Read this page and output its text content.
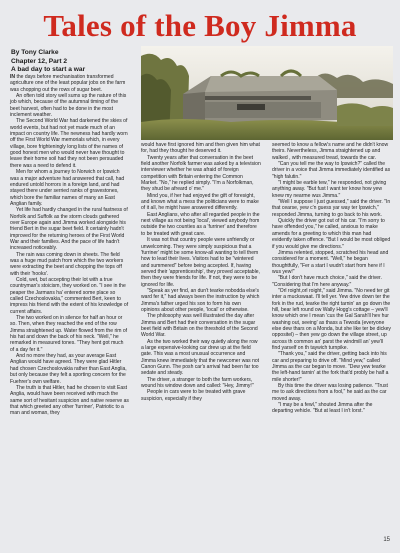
Tales of the Boy Jimma
By Tony Clarke
Chapter 12, Part 2
A bad day to start a war

IN the days before mechanisation transformed agriculture one of the least popular jobs on the farm was chopping out the rows of sugar beet.

An often told story well sums up the nature of this job which, because of the autumnal timing of the beet harvest, often had to be done in the most inclement weather.

The Second World War had darkened the skies of world events, but had not yet made much of an impact on country life. The newness had hardly worn off the First World War memorials which, in every village, bore frighteningly long lists of the names of good honest men who would never have thought to leave their home soil had they not been persuaded there was a need to defend it.

Men for whom a journey to Norwich or Ipswich was a major adventure had answered that call, had endured untold horrors in a foreign land, and had stayed there under serried ranks of gravestones, which bore the familiar names of many an East Anglian family.

Yet life had hardly changed in the rural fastness of Norfolk and Suffolk as the storm clouds gathered over Europe again and Jimma worked alongside his friend Bert in the sugar beet field. It certainly hadn't improved for the returning heroes of the First World War and their families. And the pace of life hadn't increased noticeably.

The rain was coming down in sheets. The field was a huge mud patch from which the two workers were extracting the beet and chopping the tops off with their 'hooks'.

Cold, wet, but accepting their lot with a true countryman's stoicism, they worked on. "I see in the peaper the Jarmans ha' entered some place so called Czechoslovakia," commented Bert, keen to impress his friend with the extent of his knowledge of current affairs.

The two worked on in silence for half an hour or so. Then, when they reached the end of the row Jimma straightened up. Water flowed from the rim of his hat and down the back of his neck. "Well," he remarked in measured tones. "They hent got much of a day fer it."

And no more they had, as your average East Anglian would have agreed. They were glad Hitler had chosen Czechoslovakia rather than East Anglia, but only because they felt a sporting concern for the Fuehrer's own welfare.

The truth is that Hitler, had he chosen to visit East Anglia, would have been received with much the same sort of hesitant suspicion and native reserve as that which greeted any other 'furriner', Patriotic to a man and woman, they

would have first ignored him and then given him what for, had they thought he deserved it.

Twenty years after that conversation in the beet field another Norfolk farmer was asked by a television interviewer whether he was afraid of foreign competition with Britain entering the Common Market. "No," he replied simply. "I'm a Norfolkman, they shud be afreard o' me."

Mind you, if her had enjoyed the gift of foresight, and known what a mess the politicians were to make of it all, he might have answered differently.

East Anglians, who after all regarded people in the next village as not being 'local', viewed anybody from outside the two counties as a 'furriner' and therefore to be treated with great care.

It was not that country people were unfriendly or unwelcoming. They were simply suspicious that a 'furriner' might be some know-all wanting to tell them how to lead their lives. Visitors had to be "wintered and summered" before being accepted. If, having served their 'apprenticeship', they proved acceptable, then they were friends for life. If not, they were to be ignored for life.

"Speak as yer find, an dun't tearke nobodda else's ward fer it," had always been the instruction by which Jimma's father urged his son to form his own opinions about other people, 'local' or otherwise.

The philosophy was well illustrated the day after Jimma and Bert had their conversation in the sugar beet field with Britain on the threshold of the Second World War.

As the two worked their way quietly along the row a large expensive-looking car drew up at the field gate. This was a most unusual occurrence and Jimma knew immediately that the newcomer was not Canon Gunn. The posh car's arrival had been far too sedate and steady.

The driver, a stranger to both the farm workers, wound his window down and called: "Hey, Jimmy!"

People in cars were to be treated with grave suspicion, especially if they

seemed to know a fellow's name and he didn't know theirs. Nevertheless, Jimma straightened up and walked , with measured tread, towards the car.

"Can you tell me the way to Ipswich?" called the driver in a voice that Jimma immediately identified as "high falutin."

"I might be earble tew," he responded, not giving anything away. "But fust I want ter know how yew knew my nearme wus Jimma."

"Well I suppose I just guessed," said the driver. "In that cearse, yew c'n guess yar way ter Ipswich," responded Jimma, turning to go back to his work.

Quickly the driver got out of his car. "I'm sorry to have offended you," he called, anxious to make amends for a greeting to which this man had evidently taken offence. "But I would be most obliged if you would give me directions."

Jimma relented, stopped, scratched his head and considered for a moment. "Well," he began thoughtfully, "Fer a start I wudn't start from here if I wus yew!"

"But I don't have much choice," said the driver. "Considering that I'm here anyway."

"Orl roight,orl roight," said Jimma. "No need ter git inter a muckswaat. I'll tell yer. Yew drive down ter the fork in the rud, tearke the right tarnin' an go down the hill, bear left round ow Wally Hogg's cottage – yew'll know which one I mean 'cus the Gal Sarah'll hev hur washing out, seeing' as thass a Tewsda (everyone else dew thars on a Monda, but she like ter be dickey oppositel) – then yew go down the village street, up across th common an' parst the windmill an' yew'll find yarself on th taywich turnpike.

"Thank you," said the driver, getting back into his car and preparing to drive off. "Mind yew," called Jimma as the car began to move. "Dew yew tearke the left-hand tarnin' at the fork that'd probly be half a mile shorter!"

By this time the driver was losing patience. "Trust me to ask directions from a fool," he said as the car moved away.

"I may be a fewl," shouted Jimma after the departing vehicle. "But at least I in't lorst."

15
